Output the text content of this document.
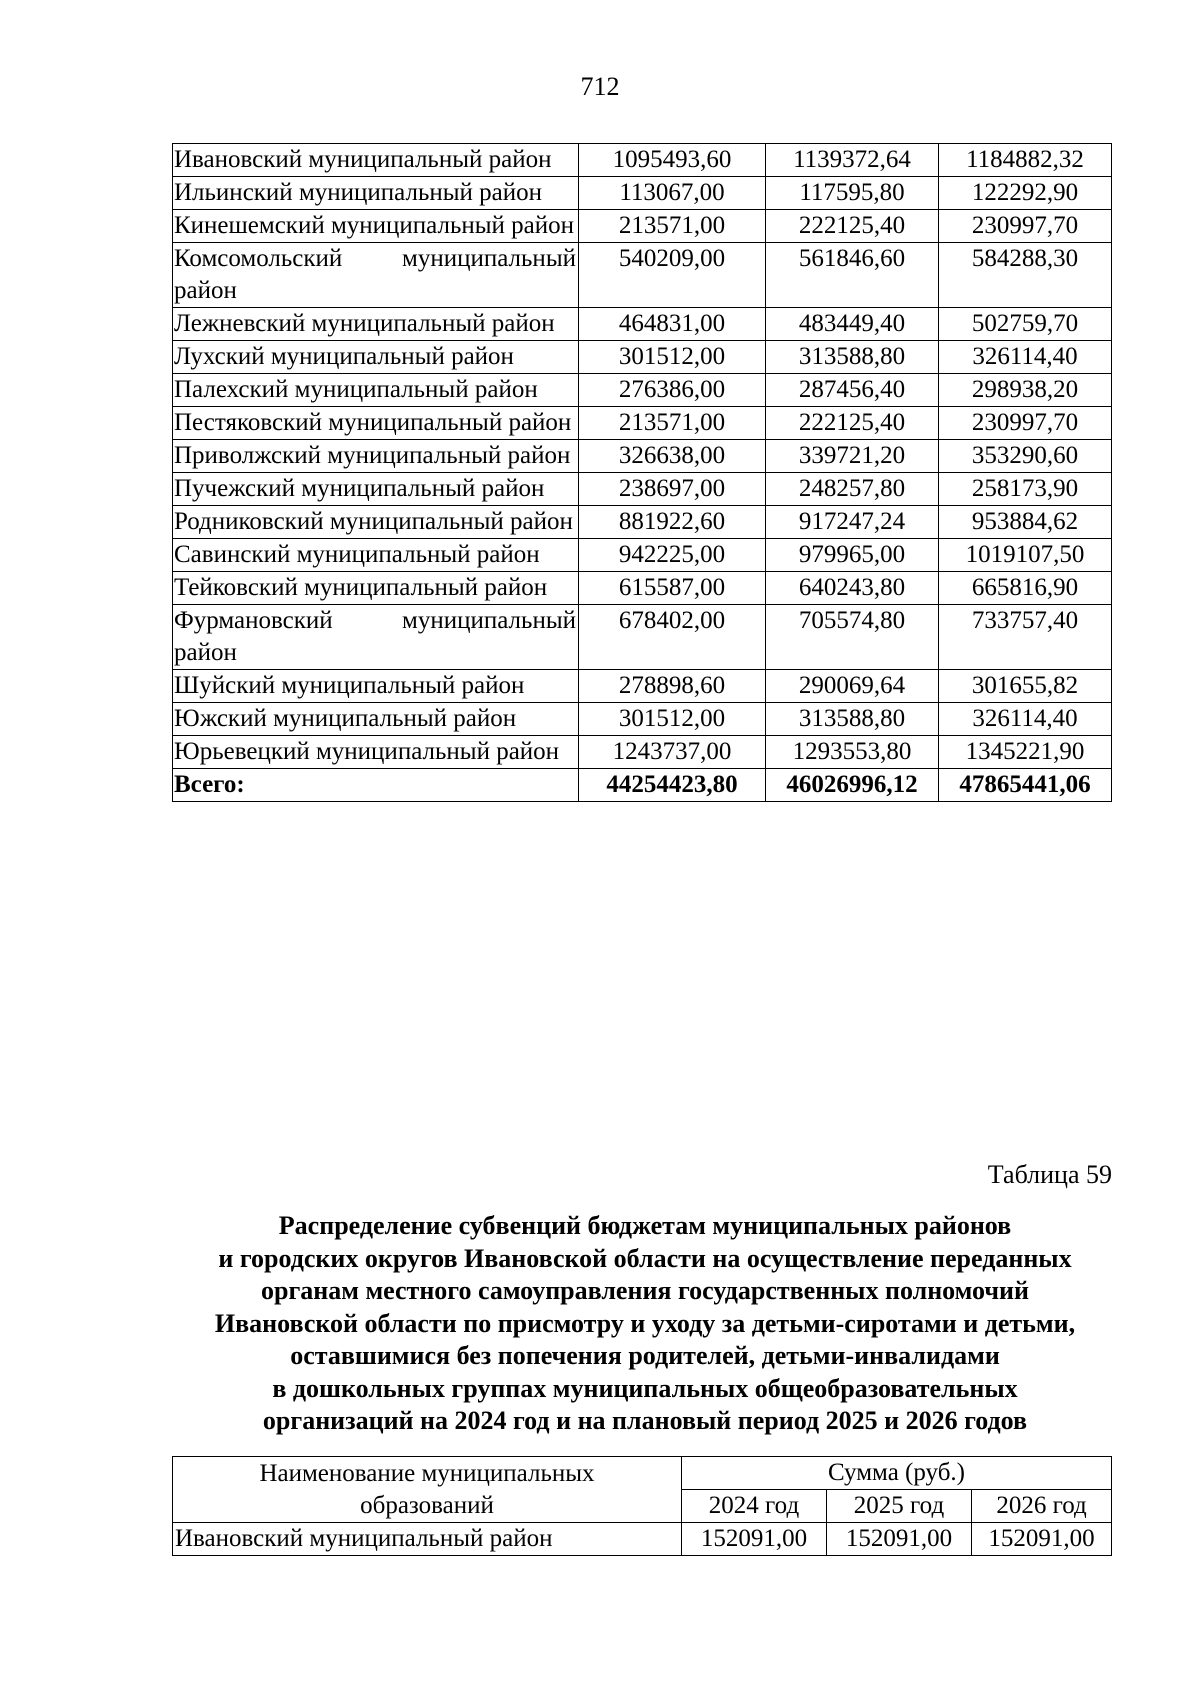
712
Ивановский муниципальный район	1095493,60	1139372,64	1184882,32
Ильинский муниципальный район	113067,00	117595,80	122292,90
Кинешемский муниципальный район	213571,00	222125,40	230997,70
Комсомольский муниципальный район	540209,00	561846,60	584288,30
Лежневский муниципальный район	464831,00	483449,40	502759,70
Лухский муниципальный район	301512,00	313588,80	326114,40
Палехский муниципальный район	276386,00	287456,40	298938,20
Пестяковский муниципальный район	213571,00	222125,40	230997,70
Приволжский муниципальный район	326638,00	339721,20	353290,60
Пучежский муниципальный район	238697,00	248257,80	258173,90
Родниковский муниципальный район	881922,60	917247,24	953884,62
Савинский муниципальный район	942225,00	979965,00	1019107,50
Тейковский муниципальный район	615587,00	640243,80	665816,90
Фурмановский муниципальный район	678402,00	705574,80	733757,40
Шуйский муниципальный район	278898,60	290069,64	301655,82
Южский муниципальный район	301512,00	313588,80	326114,40
Юрьевецкий муниципальный район	1243737,00	1293553,80	1345221,90
Всего:	44254423,80	46026996,12	47865441,06
Таблица 59
Распределение субвенций бюджетам муниципальных районов
и городских округов Ивановской области на осуществление переданных
органам местного самоуправления государственных полномочий
Ивановской области по присмотру и уходу за детьми-сиротами и детьми,
оставшимися без попечения родителей, детьми-инвалидами
в дошкольных группах муниципальных общеобразовательных
организаций на 2024 год и на плановый период 2025 и 2026 годов
Наименование муниципальных образований	Сумма (руб.)		
	2024 год	2025 год	2026 год
Ивановский муниципальный район	152091,00	152091,00	152091,00
